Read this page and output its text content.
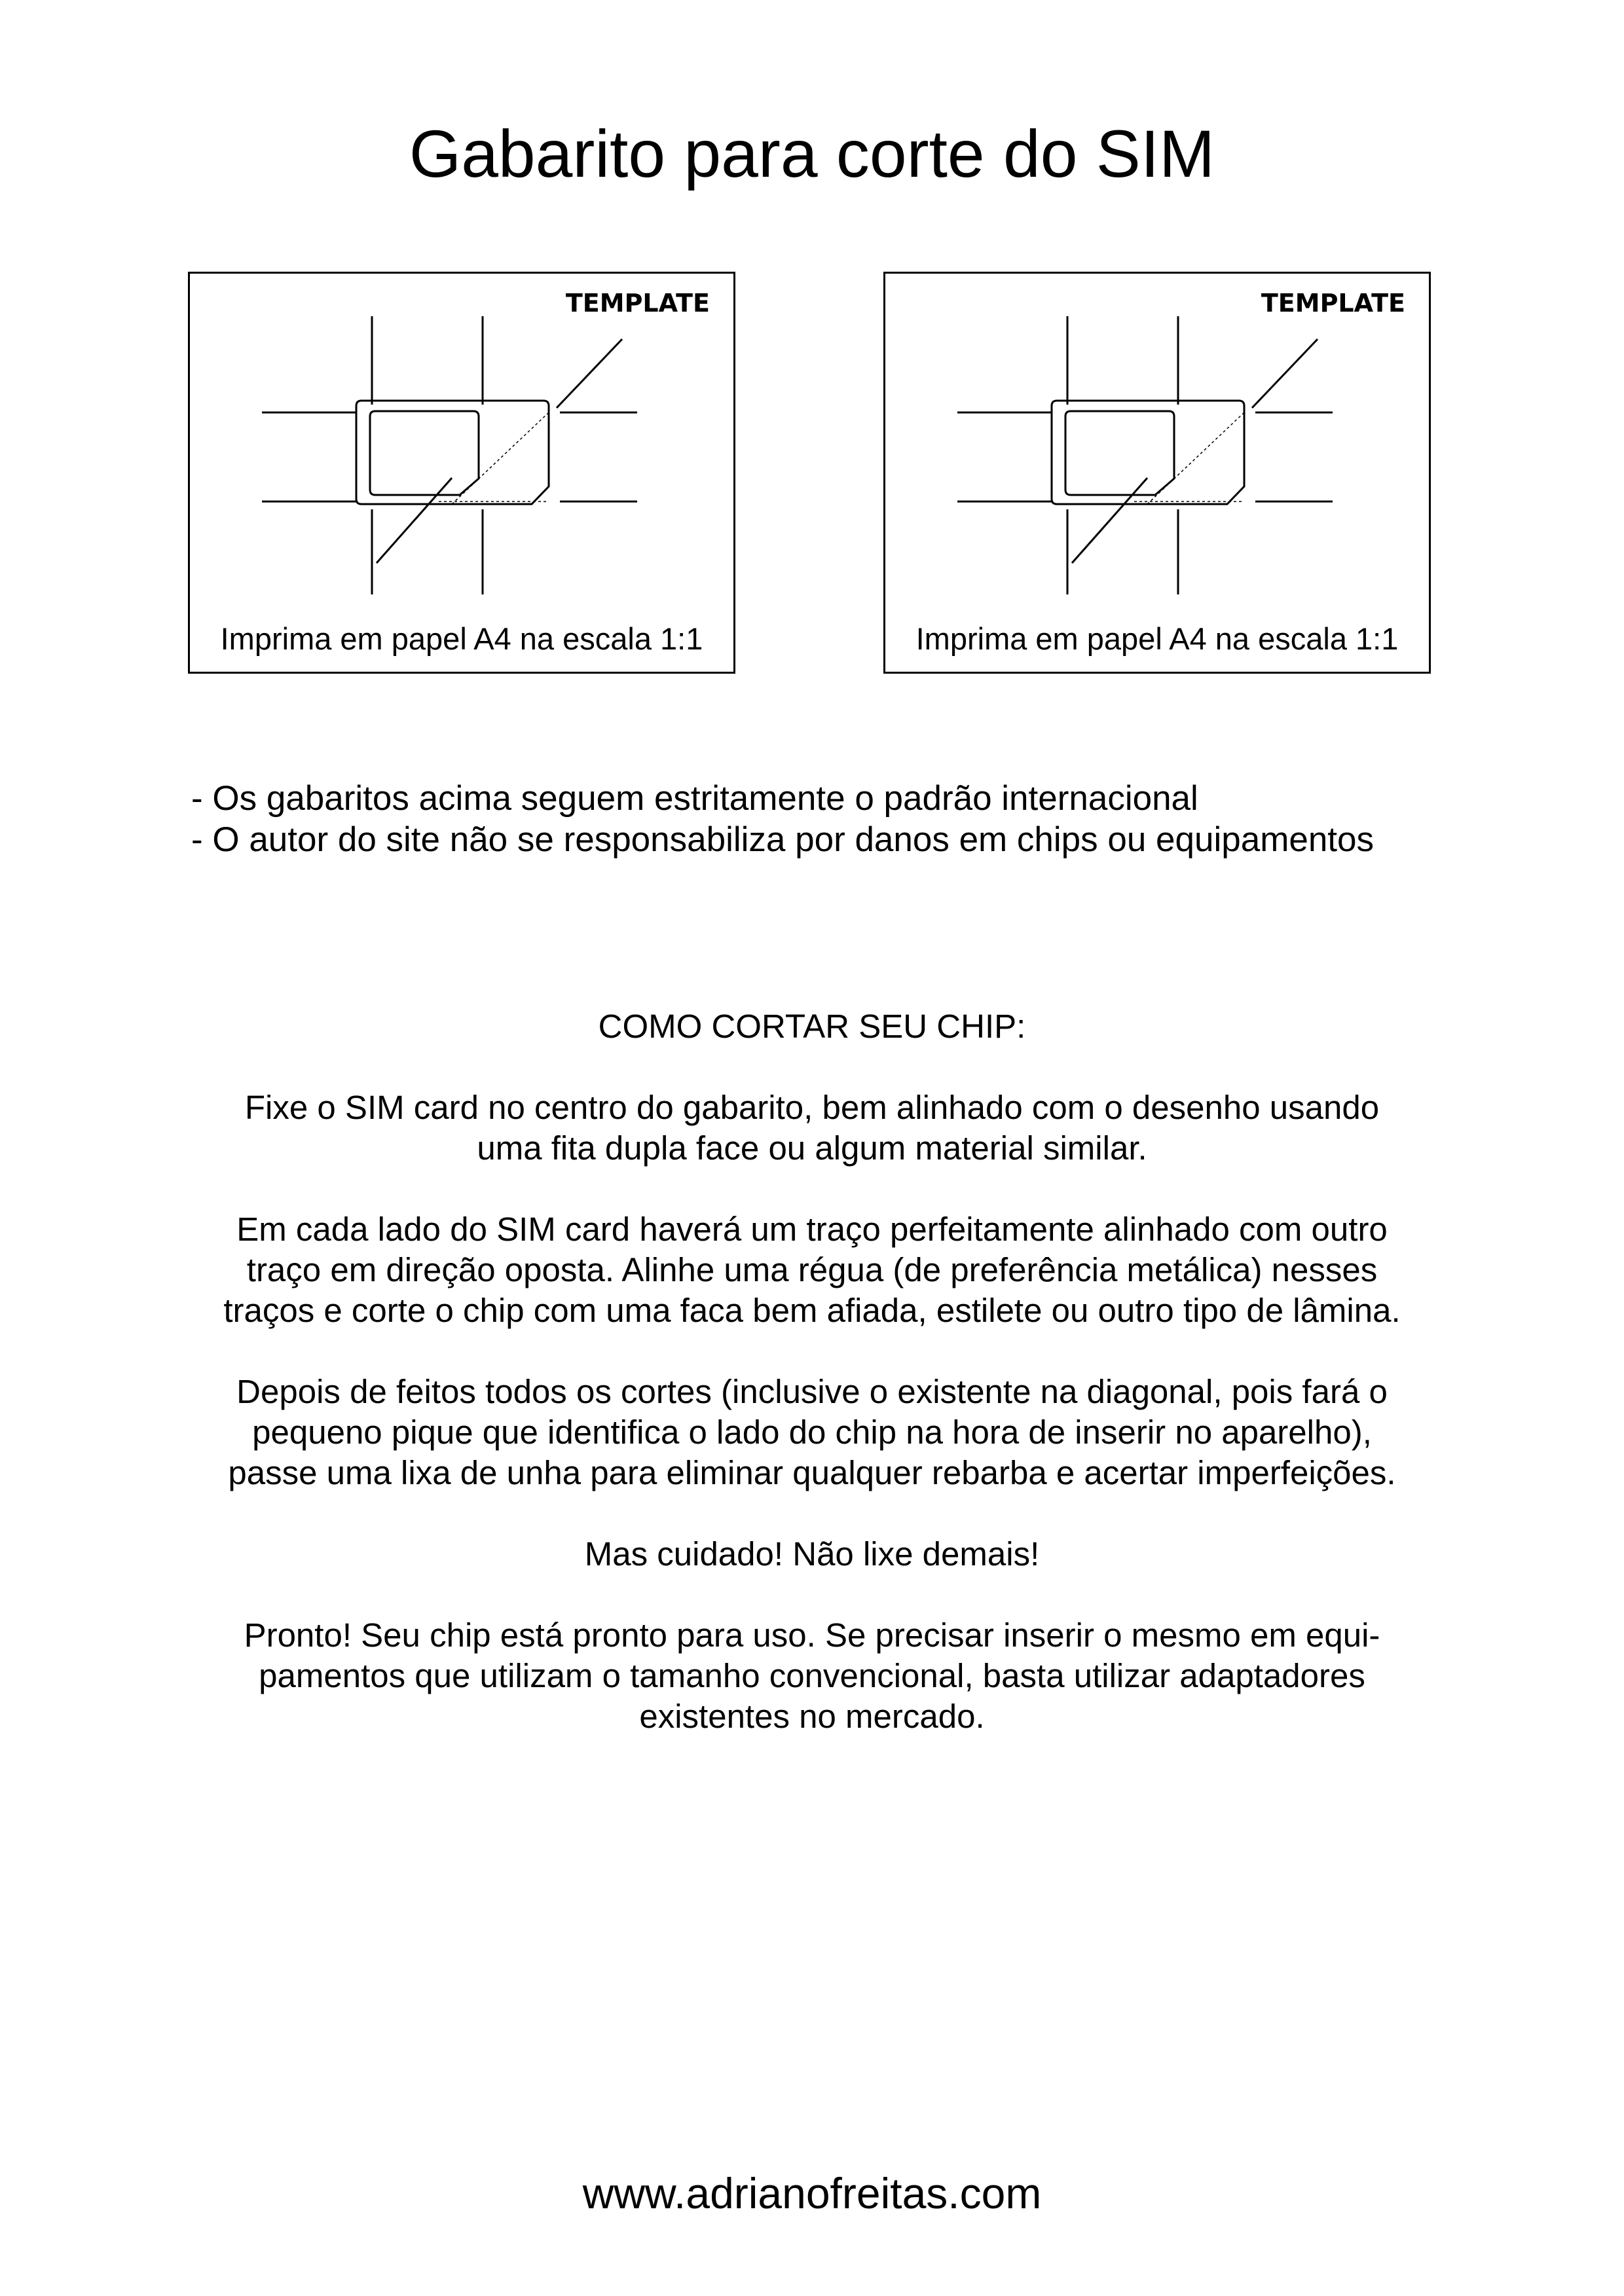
Gabarito para corte do SIM
TEMPLATE
Imprima em papel A4 na escala 1:1
TEMPLATE
Imprima em papel A4 na escala 1:1
- Os gabaritos acima seguem estritamente o padrão internacional
- O autor do site não se responsabiliza por danos em chips ou equipamentos

COMO CORTAR SEU CHIP:

Fixe o SIM card no centro do gabarito, bem alinhado com o desenho usando
uma fita dupla face ou algum material similar.

Em cada lado do SIM card haverá um traço perfeitamente alinhado com outro
traço em direção oposta. Alinhe uma régua (de preferência metálica) nesses
traços e corte o chip com uma faca bem afiada, estilete ou outro tipo de lâmina.

Depois de feitos todos os cortes (inclusive o existente na diagonal, pois fará o
pequeno pique que identifica o lado do chip na hora de inserir no aparelho),
passe uma lixa de unha para eliminar qualquer rebarba e acertar imperfeições.

Mas cuidado! Não lixe demais!

Pronto! Seu chip está pronto para uso. Se precisar inserir o mesmo em equi-
pamentos que utilizam o tamanho convencional, basta utilizar adaptadores
existentes no mercado.

www.adrianofreitas.com
